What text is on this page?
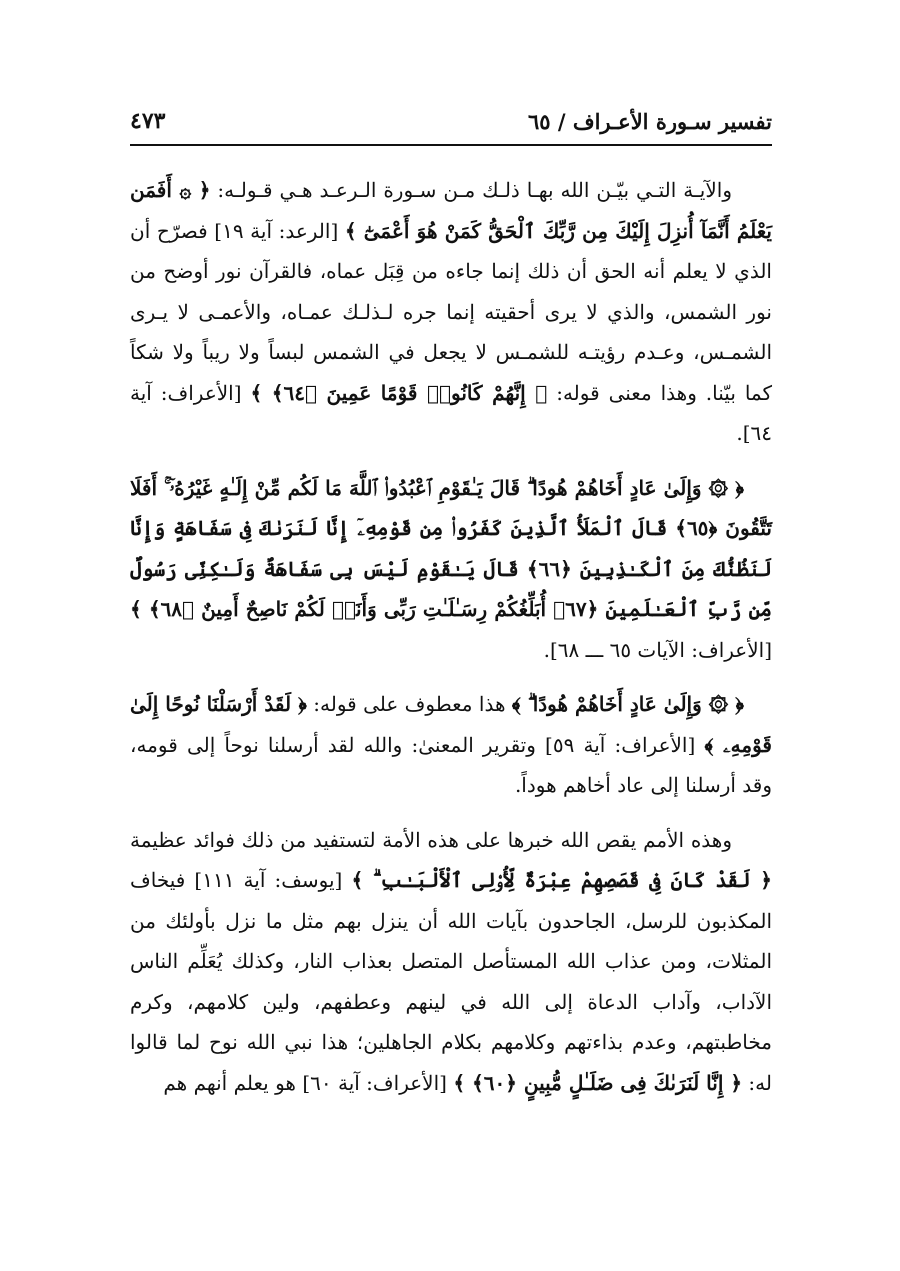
تفسير سـورة الأعـراف / ٦٥
٤٧٣

والآيـة التـي بيّـن الله بهـا ذلـك مـن سـورة الـرعـد هـي قـولـه: ﴿ ۞ أَفَمَن يَعْلَمُ أَنَّمَآ أُنزِلَ إِلَيْكَ مِن رَّبِّكَ ٱلْحَقُّ كَمَنْ هُوَ أَعْمَىٰٓ ﴾ [الرعد: آية ١٩] فصرّح أن الذي لا يعلم أنه الحق أن ذلك إنما جاءه من قِبَل عماه، فالقرآن نور أوضح من نور الشمس، والذي لا يرى أحقيته إنما جره لـذلـك عمـاه، والأعمـى لا يـرى الشمـس، وعـدم رؤيتـه للشمـس لا يجعل في الشمس لبساً ولا ريباً ولا شكاً كما بيّنا. وهذا معنى قوله: ﴿ إِنَّهُمْ كَانُوا۟ قَوْمًا عَمِينَ ﴿٦٤﴾ ﴾ [الأعراف: آية ٦٤].

﴿ ۞ وَإِلَىٰ عَادٍ أَخَاهُمْ هُودًا ۗ قَالَ يَـٰقَوْمِ ٱعْبُدُوا۟ ٱللَّهَ مَا لَكُم مِّنْ إِلَـٰهٍ غَيْرُهُۥٓ ۚ أَفَلَا تَتَّقُونَ ﴿٦٥﴾ قَالَ ٱلْمَلَأُ ٱلَّذِينَ كَفَرُوا۟ مِن قَوْمِهِۦٓ إِنَّا لَنَرَىٰكَ فِى سَفَاهَةٍ وَإِنَّا لَنَظُنُّكَ مِنَ ٱلْكَـٰذِبِينَ ﴿٦٦﴾ قَالَ يَـٰقَوْمِ لَيْسَ بِى سَفَاهَةٌ وَلَـٰكِنِّى رَسُولٌ مِّن رَّبِّ ٱلْعَـٰلَمِينَ ﴿٦٧﴾ أُبَلِّغُكُمْ رِسَـٰلَـٰتِ رَبِّى وَأَنَا۠ لَكُمْ نَاصِحٌ أَمِينٌ ﴿٦٨﴾ ﴾ [الأعراف: الآيات ٦٥ ـــ ٦٨].

﴿ ۞ وَإِلَىٰ عَادٍ أَخَاهُمْ هُودًا ۗ ﴾ هذا معطوف على قوله: ﴿ لَقَدْ أَرْسَلْنَا نُوحًا إِلَىٰ قَوْمِهِۦ ﴾ [الأعراف: آية ٥٩] وتقرير المعنىٰ: والله لقد أرسلنا نوحاً إلى قومه، وقد أرسلنا إلى عاد أخاهم هوداً.

وهذه الأمم يقص الله خبرها على هذه الأمة لتستفيد من ذلك فوائد عظيمة ﴿ لَقَدْ كَانَ فِى قَصَصِهِمْ عِبْرَةٌ لِّأُو۟لِى ٱلْأَلْبَـٰبِ ۗ ﴾ [يوسف: آية ١١١] فيخاف المكذبون للرسل، الجاحدون بآيات الله أن ينزل بهم مثل ما نزل بأولئك من المثلات، ومن عذاب الله المستأصل المتصل بعذاب النار، وكذلك يُعَلِّم الناس الآداب، وآداب الدعاة إلى الله في لينهم وعطفهم، ولين كلامهم، وكرم مخاطبتهم، وعدم بذاءتهم وكلامهم بكلام الجاهلين؛ هذا نبي الله نوح لما قالوا له: ﴿ إِنَّا لَنَرَىٰكَ فِى ضَلَـٰلٍ مُّبِينٍ ﴿٦٠﴾ ﴾ [الأعراف: آية ٦٠] هو يعلم أنهم هم
